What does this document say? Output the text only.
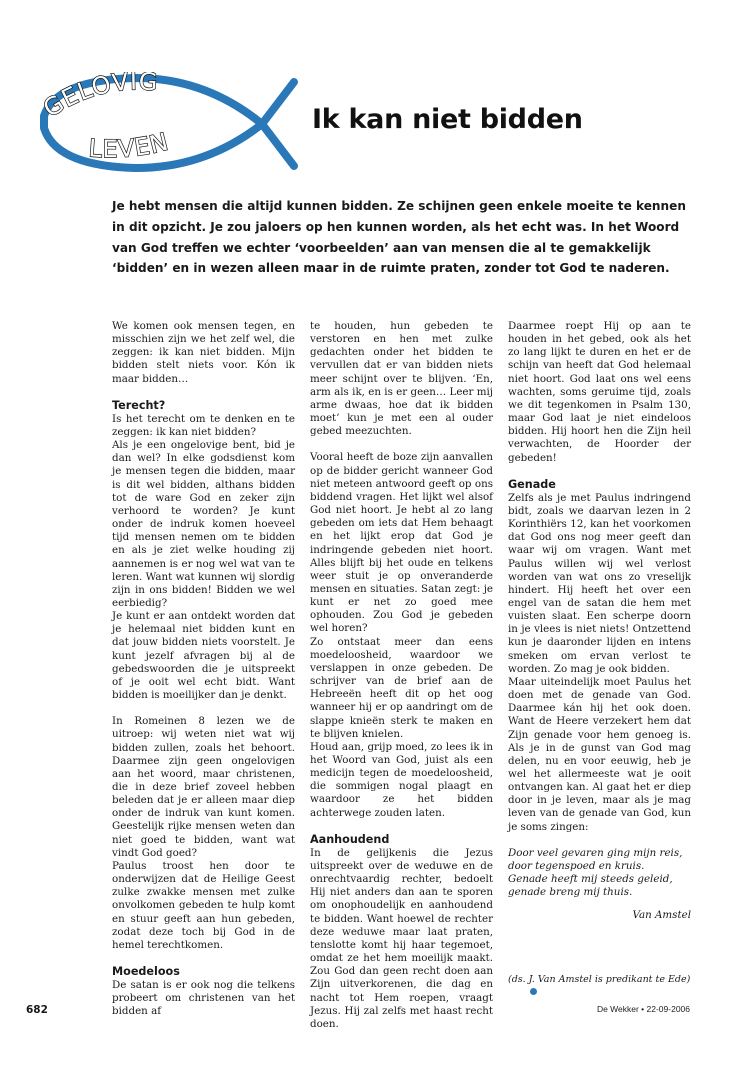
GELOVIG
LEVEN
Ik kan niet bidden

Je hebt mensen die altijd kunnen bidden. Ze schijnen geen enkele moeite te kennen in dit opzicht. Je zou jaloers op hen kunnen worden, als het echt was. In het Woord van God treffen we echter ‘voorbeelden’ aan van mensen die al te gemakkelijk ‘bidden’ en in wezen alleen maar in de ruimte praten, zonder tot God te naderen.

We komen ook mensen tegen, en misschien zijn we het zelf wel, die zeggen: ik kan niet bidden. Mijn bidden stelt niets voor. Kón ik maar bidden…

Terecht?

Is het terecht om te denken en te zeggen: ik kan niet bidden?

Als je een ongelovige bent, bid je dan wel? In elke godsdienst kom je mensen tegen die bidden, maar is dit wel bidden, althans bidden tot de ware God en zeker zijn verhoord te worden? Je kunt onder de indruk komen hoeveel tijd mensen nemen om te bidden en als je ziet welke houding zij aannemen is er nog wel wat van te leren. Want wat kunnen wij slordig zijn in ons bidden! Bidden we wel eerbiedig?

Je kunt er aan ontdekt worden dat je helemaal niet bidden kunt en dat jouw bidden niets voorstelt. Je kunt jezelf afvragen bij al de gebedswoorden die je uitspreekt of je ooit wel echt bidt. Want bidden is moeilijker dan je denkt.

In Romeinen 8 lezen we de uitroep: wij weten niet wat wij bidden zullen, zoals het behoort. Daarmee zijn geen ongelovigen aan het woord, maar christenen, die in deze brief zoveel hebben beleden dat je er alleen maar diep onder de indruk van kunt komen. Geestelijk rijke mensen weten dan niet goed te bidden, want wat vindt God goed?

Paulus troost hen door te onderwijzen dat de Heilige Geest zulke zwakke mensen met zulke onvolkomen gebeden te hulp komt en stuur geeft aan hun gebeden, zodat deze toch bij God in de hemel terechtkomen.

Moedeloos

De satan is er ook nog die telkens probeert om christenen van het bidden af

te houden, hun gebeden te verstoren en hen met zulke gedachten onder het bidden te vervullen dat er van bidden niets meer schijnt over te blijven. ‘En, arm als ik, en is er geen… Leer mij arme dwaas, hoe dat ik bidden moet’ kun je met een al ouder gebed meezuchten.

Vooral heeft de boze zijn aanvallen op de bidder gericht wanneer God niet meteen antwoord geeft op ons biddend vragen. Het lijkt wel alsof God niet hoort. Je hebt al zo lang gebeden om iets dat Hem behaagt en het lijkt erop dat God je indringende gebeden niet hoort. Alles blijft bij het oude en telkens weer stuit je op onveranderde mensen en situaties. Satan zegt: je kunt er net zo goed mee ophouden. Zou God je gebeden wel horen?

Zo ontstaat meer dan eens moedeloosheid, waardoor we verslappen in onze gebeden. De schrijver van de brief aan de Hebreeën heeft dit op het oog wanneer hij er op aandringt om de slappe knieën sterk te maken en te blijven knielen.

Houd aan, grijp moed, zo lees ik in het Woord van God, juist als een medicijn tegen de moedeloosheid, die sommigen nogal plaagt en waardoor ze het bidden achterwege zouden laten.

Aanhoudend

In de gelijkenis die Jezus uitspreekt over de weduwe en de onrechtvaardig rechter, bedoelt Hij niet anders dan aan te sporen om onophoudelijk en aanhoudend te bidden. Want hoewel de rechter deze weduwe maar laat praten, tenslotte komt hij haar tegemoet, omdat ze het hem moeilijk maakt. Zou God dan geen recht doen aan Zijn uitverkorenen, die dag en nacht tot Hem roepen, vraagt Jezus. Hij zal zelfs met haast recht doen.

Daarmee roept Hij op aan te houden in het gebed, ook als het zo lang lijkt te duren en het er de schijn van heeft dat God helemaal niet hoort. God laat ons wel eens wachten, soms geruime tijd, zoals we dit tegenkomen in Psalm 130, maar God laat je niet eindeloos bidden. Hij hoort hen die Zijn heil verwachten, de Hoorder der gebeden!

Genade

Zelfs als je met Paulus indringend bidt, zoals we daarvan lezen in 2 Korinthiërs 12, kan het voorkomen dat God ons nog meer geeft dan waar wij om vragen. Want met Paulus willen wij wel verlost worden van wat ons zo vreselijk hindert. Hij heeft het over een engel van de satan die hem met vuisten slaat. Een scherpe doorn in je vlees is niet niets! Ontzettend kun je daaronder lijden en intens smeken om ervan verlost te worden. Zo mag je ook bidden.

Maar uiteindelijk moet Paulus het doen met de genade van God. Daarmee kán hij het ook doen. Want de Heere verzekert hem dat Zijn genade voor hem genoeg is. Als je in de gunst van God mag delen, nu en voor eeuwig, heb je wel het allermeeste wat je ooit ontvangen kan. Al gaat het er diep door in je leven, maar als je mag leven van de genade van God, kun je soms zingen:

Door veel gevaren ging mijn reis,

door tegenspoed en kruis.

Genade heeft mij steeds geleid,

genade breng mij thuis.

Van Amstel

(ds. J. Van Amstel is predikant te Ede)

682	De Wekker • 22-09-2006
